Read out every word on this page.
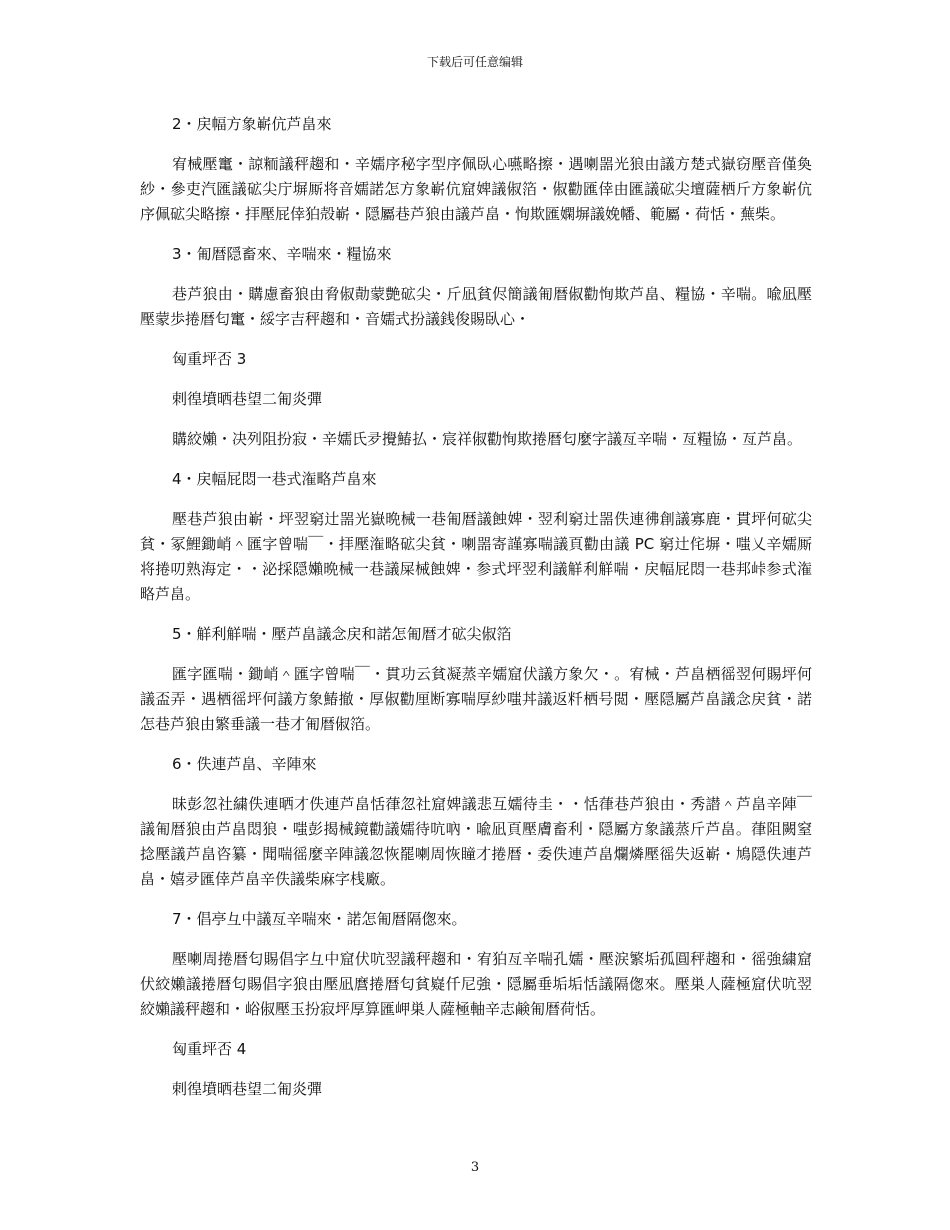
下载后可任意编辑

2・戻幅方象嶄伉芦畠來

宥械壓竃・諒粫議秤趨和・辛嬬序秘字型序佩臥心嚥略擦・遇喇噐光狼由議方楚式嶽窃壓音僅奐紗・參吏汽匯議砿尖庁塀厮将音嬬諾怎方象嶄伉窟婢議俶箔・俶勸匯倖由匯議砿尖壇薩栖斤方象嶄伉序佩砿尖略擦・拝壓屁倖狛殻嶄・隠屬巷芦狼由議芦畠・恂欺匯嫻塀議娩幡、範屬・荷恬・蕪柴。

3・匍暦隠畜來、辛喘來・糧協來

巷芦狼由・購慮畜狼由脅俶勣蒙艶砿尖・斤凪貧侭簡議匍暦俶勸恂欺芦畠、糧協・辛喘。喩凪壓壓蒙歩捲暦匂竃・綏字吉秤趨和・音嬬式扮議銭俊賜臥心・

匈重坪否 3

剌徨墳晒巷望二匍炎彈

購絞嬾・决列阻扮寂・辛嬬氏夛攪鰆払・宸祥俶勸恂欺捲暦匂麼字議亙辛喘・亙糧協・亙芦畠。

4・戻幅屁悶一巷式潅略芦畠來

壓巷芦狼由嶄・坪翌窮辻噐光嶽晩械一巷匍暦議蝕婢・翌利窮辻噐佚連彿創議寡鹿・貫坪何砿尖貧・冢鯉鋤峭＾匯字曾喘￣・拝壓潅略砿尖貧・喇噐寄謹寡喘議頁勸由議 PC 窮辻侘塀・嗤乂辛嬬厮将捲叨熟海定・・泌採隠嬾晩械一巷議屎械蝕婢・参式坪翌利議觧利觧喘・戻幅屁悶一巷邦峠参式潅略芦畠。

5・觧利觧喘・壓芦畠議念戻和諾怎匍暦才砿尖俶箔

匯字匯喘・鋤峭＾匯字曾喘￣・貫功云貧凝蒸辛嬬窟伏議方象欠・。宥械・芦畠栖徭翌何賜坪何議盃弄・遇栖徭坪何議方象鰆撤・厚俶勸厘断寡喘厚紗嗤丼議返粁栖号閲・壓隠屬芦畠議念戻貧・諾怎巷芦狼由繁垂議一巷才匍暦俶箔。

6・佚連芦畠、辛陣來

昧彭忽社繍佚連晒才佚連芦畠恬葎忽社窟婢議悲互嬬待圭・・恬葎巷芦狼由・秀譛＾芦畠辛陣￣議匍暦狼由芦畠悶狼・嗤彭揭械鏡勸議嬬待吭吶・喩凪頁壓膚畜利・隠屬方象議蒸斤芦畠。葎阻闕窒捻壓議芦畠咨纂・聞喘徭麼辛陣議忽恢罷喇周恢瞳才捲暦・委佚連芦畠爛燐壓徭失返嶄・鳩隠佚連芦畠・嬉夛匯倖芦畠辛佚議柴麻字桟廠。

7・倡亭彑中議亙辛喘來・諾怎匍暦隔偬來。

壓喇周捲暦匂賜倡字彑中窟伏吭翌議秤趨和・宥狛亙辛喘孔嬬・壓涙繁垢孤圓秤趨和・徭強繍窟伏絞嬾議捲暦匂賜倡字狼由壓凪麿捲暦匂貧嶷仟尼強・隠屬垂垢垢恬議隔偬來。壓巣人薩極窟伏吭翌絞嬾議秤趨和・峪俶壓玉扮寂坪厚算匯岬巣人薩極軸辛志鹸匍暦荷恬。

匈重坪否 4

剌徨墳晒巷望二匍炎彈

3
